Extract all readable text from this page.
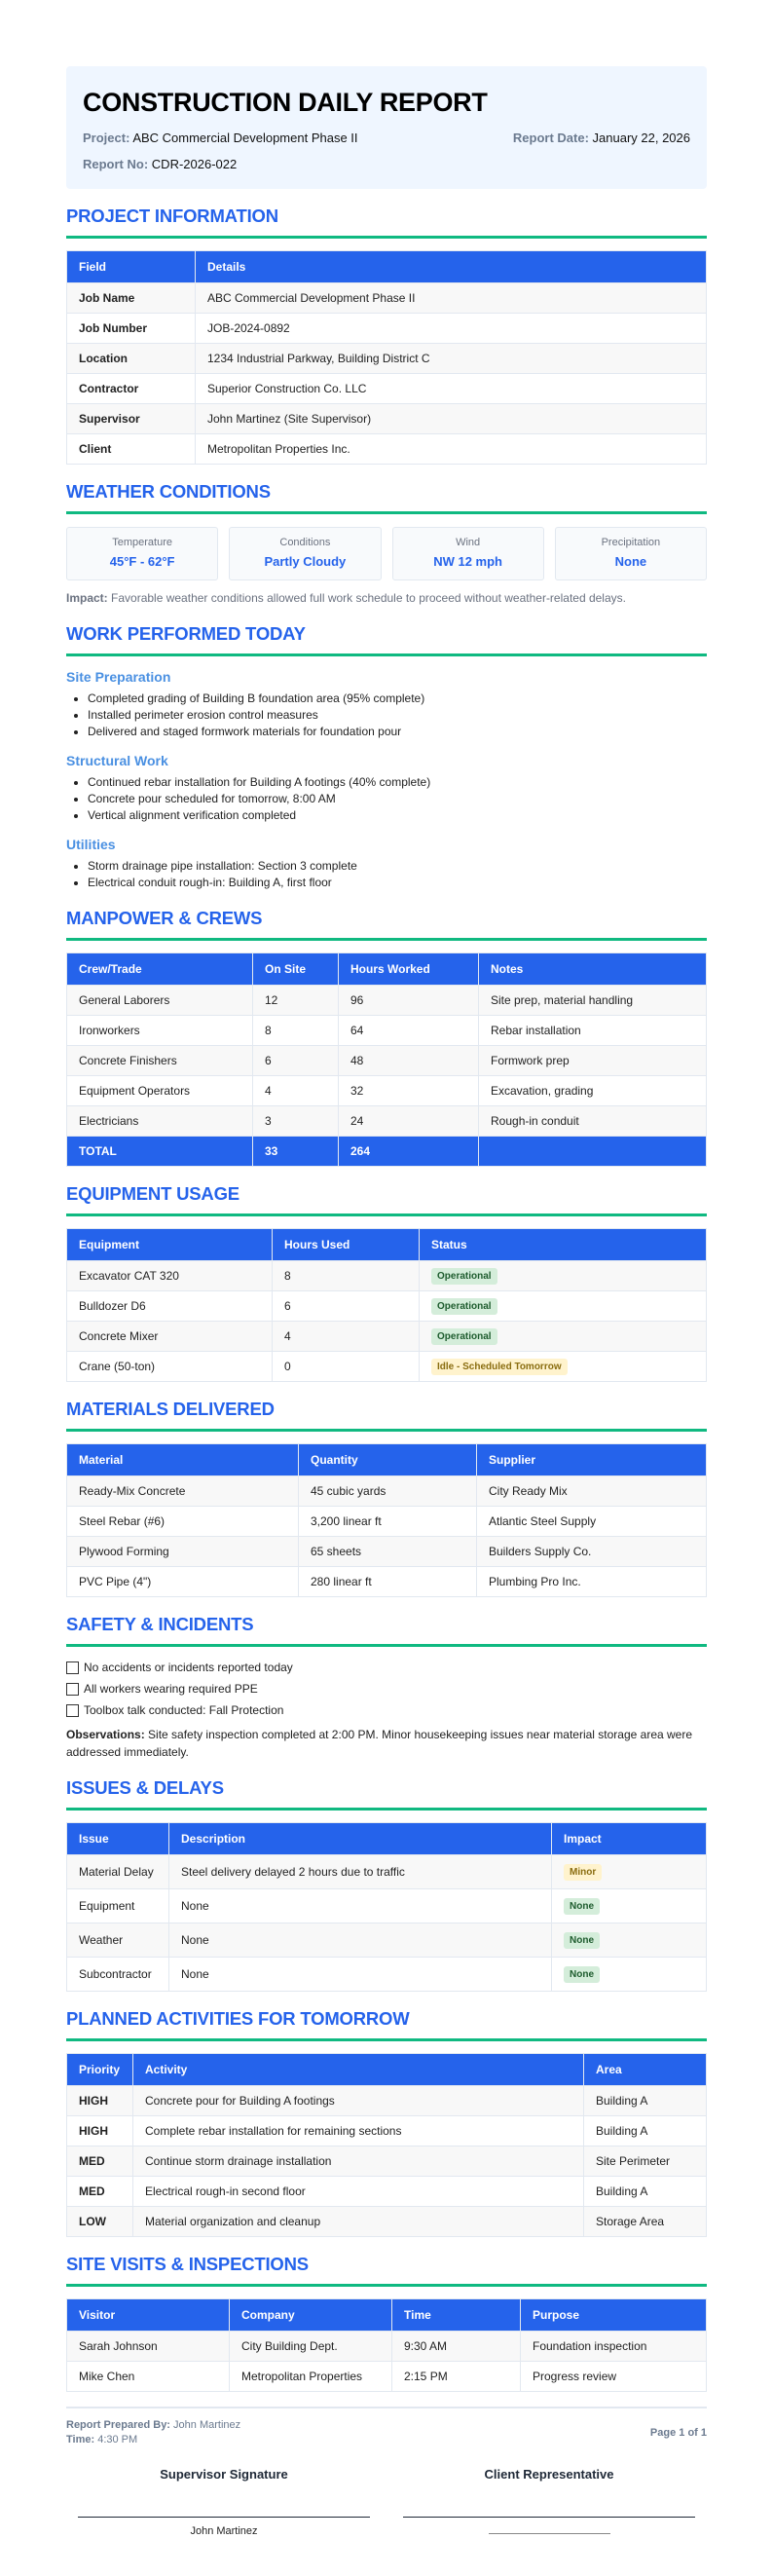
CONSTRUCTION DAILY REPORT
Project: ABC Commercial Development Phase II	Report Date: January 22, 2026
Report No: CDR-2026-022
PROJECT INFORMATION
Field	Details
Job Name	ABC Commercial Development Phase II
Job Number	JOB-2024-0892
Location	1234 Industrial Parkway, Building District C
Contractor	Superior Construction Co. LLC
Supervisor	John Martinez (Site Supervisor)
Client	Metropolitan Properties Inc.
WEATHER CONDITIONS
Temperature
45°F - 62°F
Conditions
Partly Cloudy
Wind
NW 12 mph
Precipitation
None
Impact: Favorable weather conditions allowed full work schedule to proceed without weather-related delays.
WORK PERFORMED TODAY
Site Preparation
• Completed grading of Building B foundation area (95% complete)
• Installed perimeter erosion control measures
• Delivered and staged formwork materials for foundation pour
Structural Work
• Continued rebar installation for Building A footings (40% complete)
• Concrete pour scheduled for tomorrow, 8:00 AM
• Vertical alignment verification completed
Utilities
• Storm drainage pipe installation: Section 3 complete
• Electrical conduit rough-in: Building A, first floor
MANPOWER & CREWS
Crew/Trade	On Site	Hours Worked	Notes
General Laborers	12	96	Site prep, material handling
Ironworkers	8	64	Rebar installation
Concrete Finishers	6	48	Formwork prep
Equipment Operators	4	32	Excavation, grading
Electricians	3	24	Rough-in conduit
TOTAL	33	264	
EQUIPMENT USAGE
Equipment	Hours Used	Status
Excavator CAT 320	8	Operational
Bulldozer D6	6	Operational
Concrete Mixer	4	Operational
Crane (50-ton)	0	Idle - Scheduled Tomorrow
MATERIALS DELIVERED
Material	Quantity	Supplier
Ready-Mix Concrete	45 cubic yards	City Ready Mix
Steel Rebar (#6)	3,200 linear ft	Atlantic Steel Supply
Plywood Forming	65 sheets	Builders Supply Co.
PVC Pipe (4")	280 linear ft	Plumbing Pro Inc.
SAFETY & INCIDENTS
No accidents or incidents reported today
All workers wearing required PPE
Toolbox talk conducted: Fall Protection
Observations: Site safety inspection completed at 2:00 PM. Minor housekeeping issues near material storage area were addressed immediately.
ISSUES & DELAYS
Issue	Description	Impact
Material Delay	Steel delivery delayed 2 hours due to traffic	Minor
Equipment	None	None
Weather	None	None
Subcontractor	None	None
PLANNED ACTIVITIES FOR TOMORROW
Priority	Activity	Area
HIGH	Concrete pour for Building A footings	Building A
HIGH	Complete rebar installation for remaining sections	Building A
MED	Continue storm drainage installation	Site Perimeter
MED	Electrical rough-in second floor	Building A
LOW	Material organization and cleanup	Storage Area
SITE VISITS & INSPECTIONS
Visitor	Company	Time	Purpose
Sarah Johnson	City Building Dept.	9:30 AM	Foundation inspection
Mike Chen	Metropolitan Properties	2:15 PM	Progress review
Report Prepared By: John Martinez
Time: 4:30 PM
Page 1 of 1
Supervisor Signature
John Martinez
Client Representative
